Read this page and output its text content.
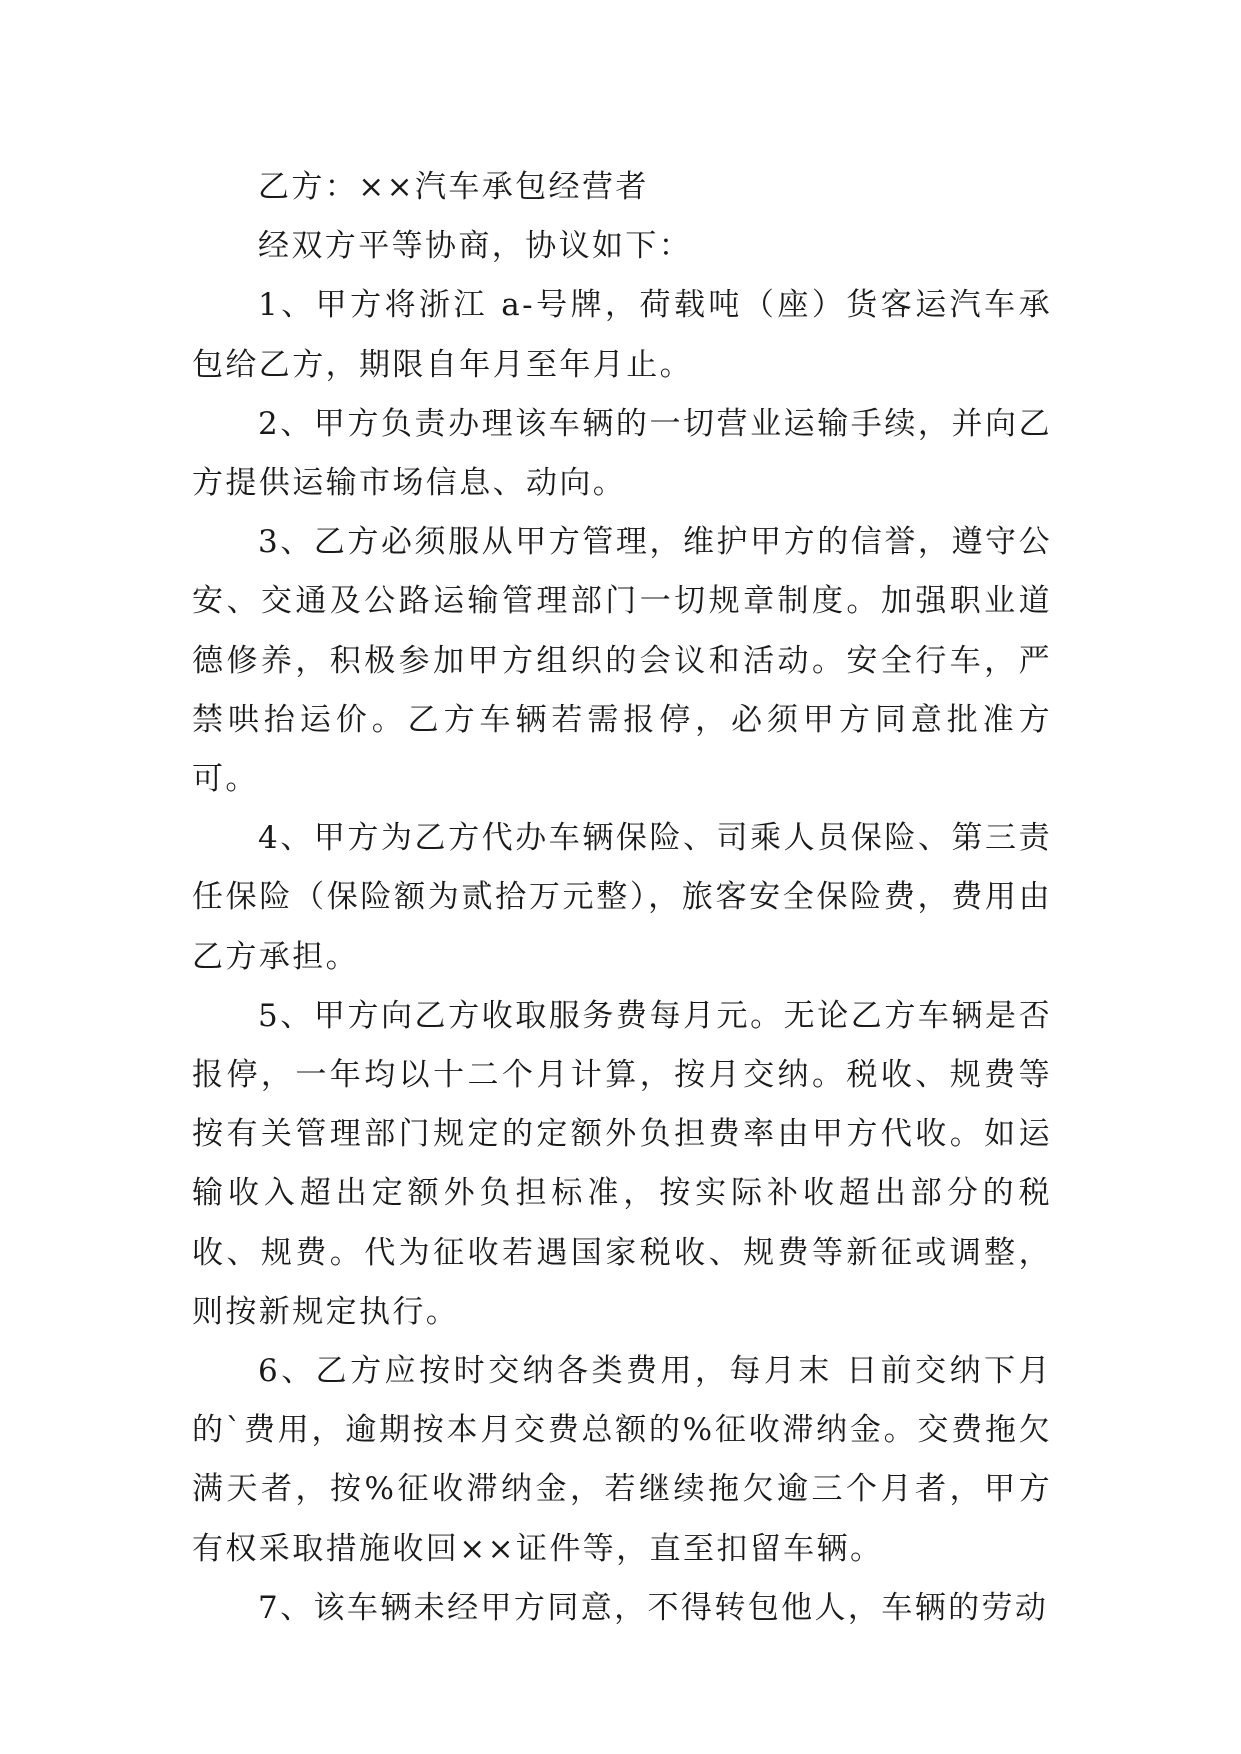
乙方：××汽车承包经营者

经双方平等协商，协议如下：

1、甲方将浙江 a-号牌，荷载吨（座）货客运汽车承包给乙方，期限自年月至年月止。

2、甲方负责办理该车辆的一切营业运输手续，并向乙方提供运输市场信息、动向。

3、乙方必须服从甲方管理，维护甲方的信誉，遵守公安、交通及公路运输管理部门一切规章制度。加强职业道德修养，积极参加甲方组织的会议和活动。安全行车，严禁哄抬运价。乙方车辆若需报停，必须甲方同意批准方可。

4、甲方为乙方代办车辆保险、司乘人员保险、第三责任保险（保险额为贰拾万元整），旅客安全保险费，费用由乙方承担。

5、甲方向乙方收取服务费每月元。无论乙方车辆是否报停，一年均以十二个月计算，按月交纳。税收、规费等按有关管理部门规定的定额外负担费率由甲方代收。如运输收入超出定额外负担标准，按实际补收超出部分的税收、规费。代为征收若遇国家税收、规费等新征或调整，则按新规定执行。

6、乙方应按时交纳各类费用，每月末 日前交纳下月的`费用，逾期按本月交费总额的%征收滞纳金。交费拖欠满天者，按%征收滞纳金，若继续拖欠逾三个月者，甲方有权采取措施收回××证件等，直至扣留车辆。

7、该车辆未经甲方同意，不得转包他人，车辆的劳动
